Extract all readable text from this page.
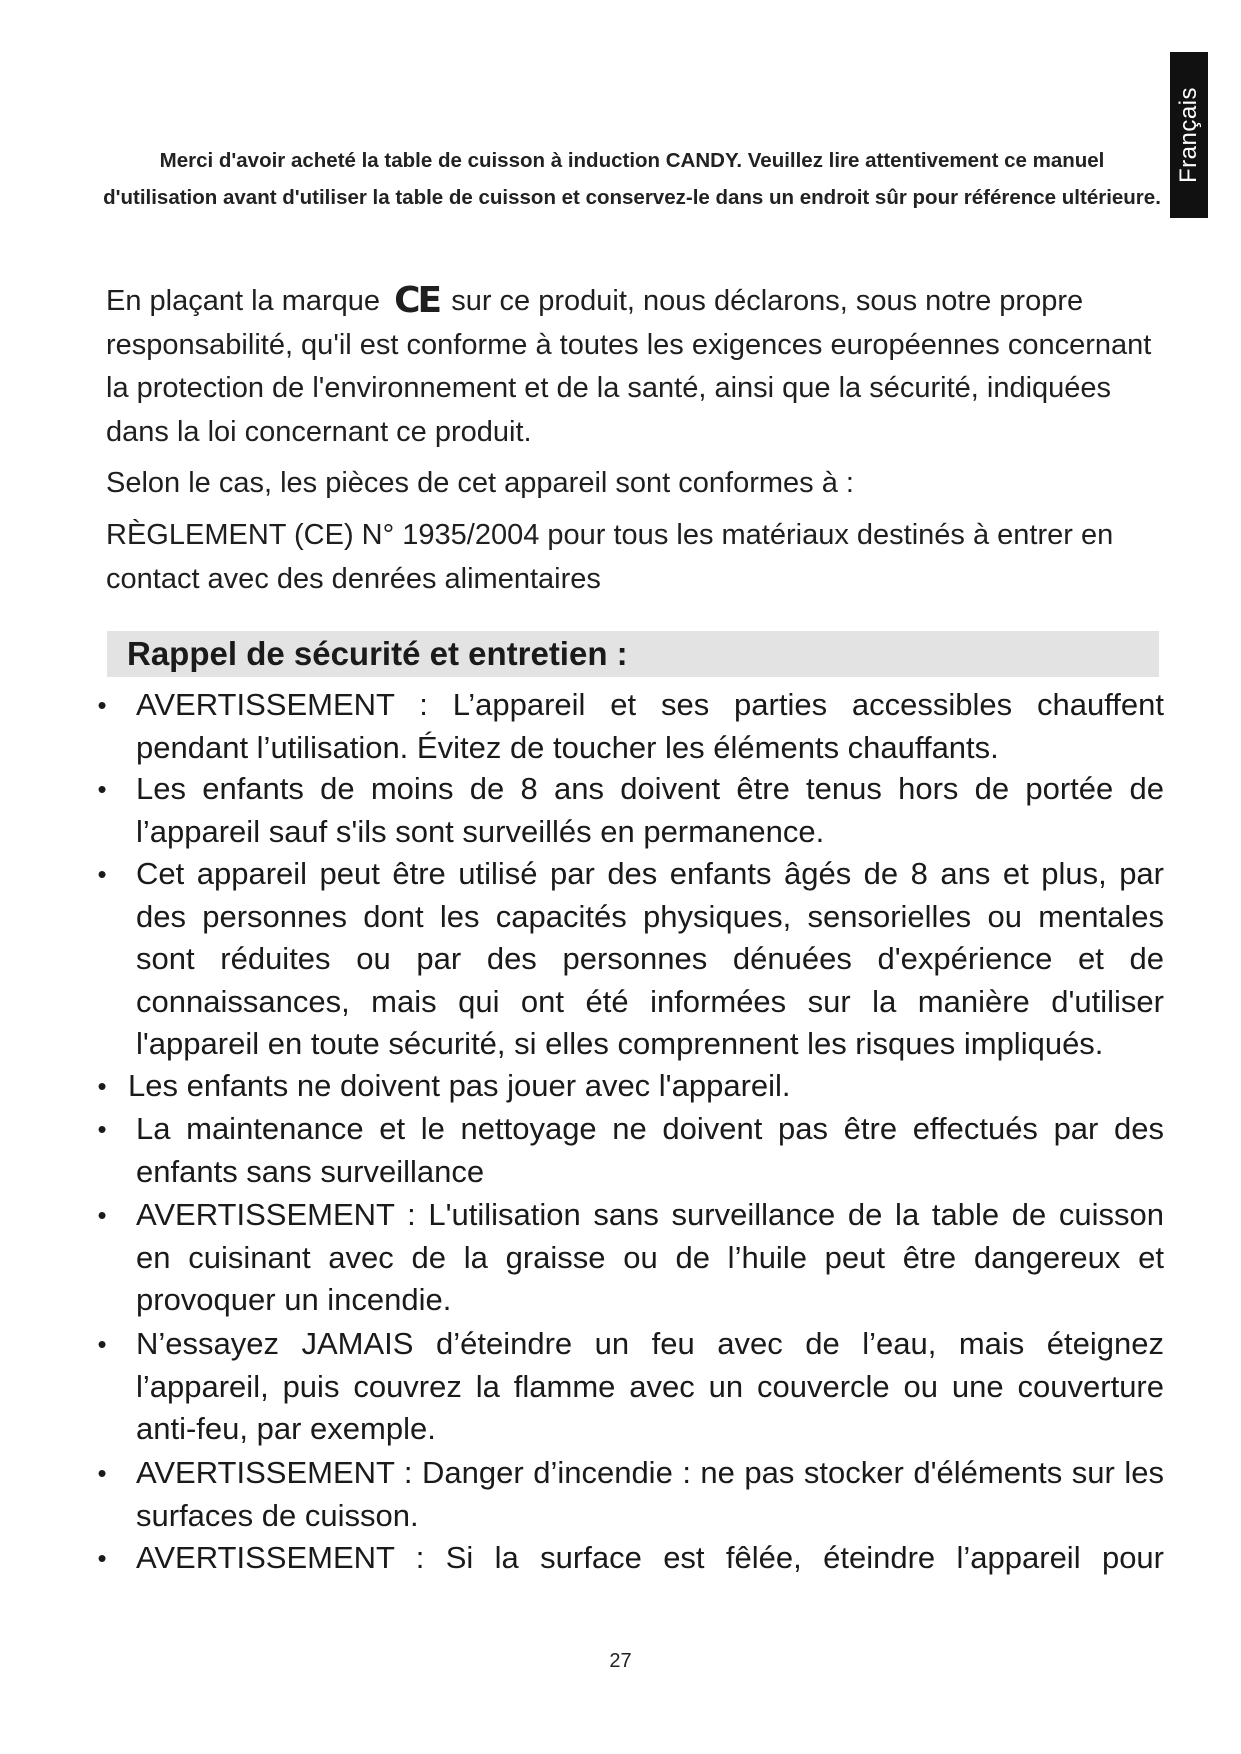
Français
Merci d'avoir acheté la table de cuisson à induction CANDY. Veuillez lire attentivement ce manuel d'utilisation avant d'utiliser la table de cuisson et conservez-le dans un endroit sûr pour référence ultérieure.
En plaçant la marque CE sur ce produit, nous déclarons, sous notre propre responsabilité, qu'il est conforme à toutes les exigences européennes concernant la protection de l'environnement et de la santé, ainsi que la sécurité, indiquées dans la loi concernant ce produit.
Selon le cas, les pièces de cet appareil sont conformes à :
RÈGLEMENT (CE) N° 1935/2004 pour tous les matériaux destinés à entrer en contact avec des denrées alimentaires
Rappel de sécurité et entretien :
• AVERTISSEMENT : L’appareil et ses parties accessibles chauffent pendant l’utilisation. Évitez de toucher les éléments chauffants.
• Les enfants de moins de 8 ans doivent être tenus hors de portée de l’appareil sauf s'ils sont surveillés en permanence.
• Cet appareil peut être utilisé par des enfants âgés de 8 ans et plus, par des personnes dont les capacités physiques, sensorielles ou mentales sont réduites ou par des personnes dénuées d'expérience et de connaissances, mais qui ont été informées sur la manière d'utiliser l'appareil en toute sécurité, si elles comprennent les risques impliqués.
• Les enfants ne doivent pas jouer avec l'appareil.
• La maintenance et le nettoyage ne doivent pas être effectués par des enfants sans surveillance
• AVERTISSEMENT : L'utilisation sans surveillance de la table de cuisson en cuisinant avec de la graisse ou de l’huile peut être dangereux et provoquer un incendie.
• N’essayez JAMAIS d’éteindre un feu avec de l’eau, mais éteignez l’appareil, puis couvrez la flamme avec un couvercle ou une couverture anti-feu, par exemple.
• AVERTISSEMENT : Danger d’incendie : ne pas stocker d'éléments sur les surfaces de cuisson.
• AVERTISSEMENT : Si la surface est fêlée, éteindre l’appareil pour
27
